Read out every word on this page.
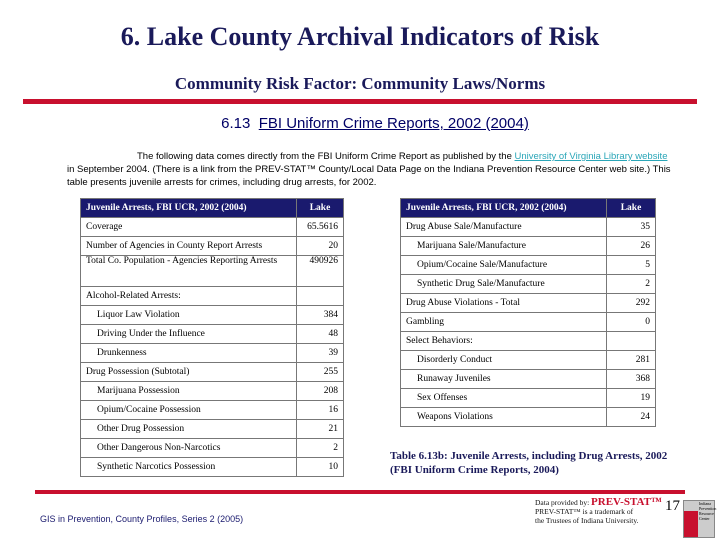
6. Lake County Archival Indicators of Risk
Community Risk Factor: Community Laws/Norms
6.13 FBI Uniform Crime Reports, 2002 (2004)
The following data comes directly from the FBI Uniform Crime Report as published by the University of Virginia Library website in September 2004. (There is a link from the PREV-STAT™ County/Local Data Page on the Indiana Prevention Resource Center web site.) This table presents juvenile arrests for crimes, including drug arrests, for 2002.
Juvenile Arrests, FBI UCR, 2002 (2004)	Lake
Coverage	65.5616
Number of Agencies in County Report Arrests	20
Total Co. Population - Agencies Reporting Arrests	490926
Alcohol-Related Arrests:	
Liquor Law Violation	384
Driving Under the Influence	48
Drunkenness	39
Drug Possession (Subtotal)	255
Marijuana Possession	208
Opium/Cocaine Possession	16
Other Drug Possession	21
Other Dangerous Non-Narcotics	2
Synthetic Narcotics Possession	10
Juvenile Arrests, FBI UCR, 2002 (2004)	Lake
Drug Abuse Sale/Manufacture	35
Marijuana Sale/Manufacture	26
Opium/Cocaine Sale/Manufacture	5
Synthetic Drug Sale/Manufacture	2
Drug Abuse Violations - Total	292
Gambling	0
Select Behaviors:	
Disorderly Conduct	281
Runaway Juveniles	368
Sex Offenses	19
Weapons Violations	24
Table 6.13b: Juvenile Arrests, including Drug Arrests, 2002 (FBI Uniform Crime Reports, 2004)
GIS in Prevention, County Profiles, Series 2 (2005)
Data provided by: PREV-STAT™
PREV-STAT™ is a trademark of
the Trustees of Indiana University.
17	Indiana Prevention Resource Center
